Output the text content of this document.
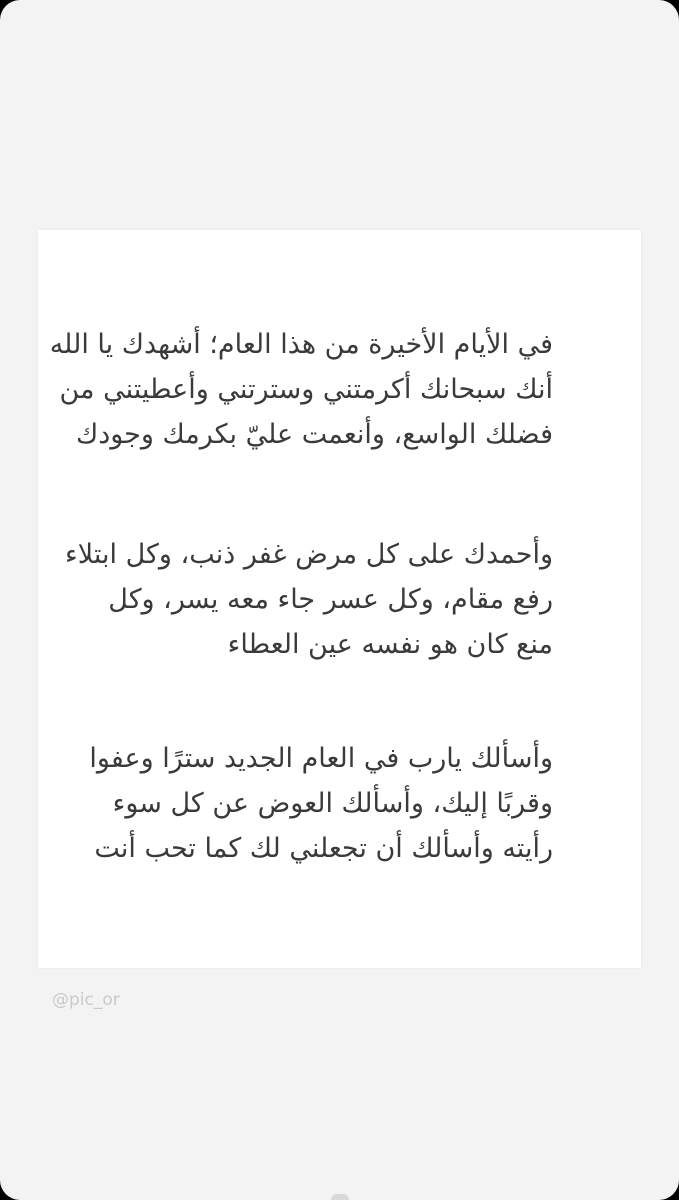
في الأيام الأخيرة من هذا العام؛ أشهدك يا الله
أنك سبحانك أكرمتني وسترتني وأعطيتني من
فضلك الواسع، وأنعمت عليّ بكرمك وجودك

وأحمدك على كل مرض غفر ذنب، وكل ابتلاء
رفع مقام، وكل عسر جاء معه يسر، وكل
منع كان هو نفسه عين العطاء

وأسألك يارب في العام الجديد سترًا وعفوا
وقربًا إليك، وأسألك العوض عن كل سوء
رأيته وأسألك أن تجعلني لك كما تحب أنت

@pic_or
